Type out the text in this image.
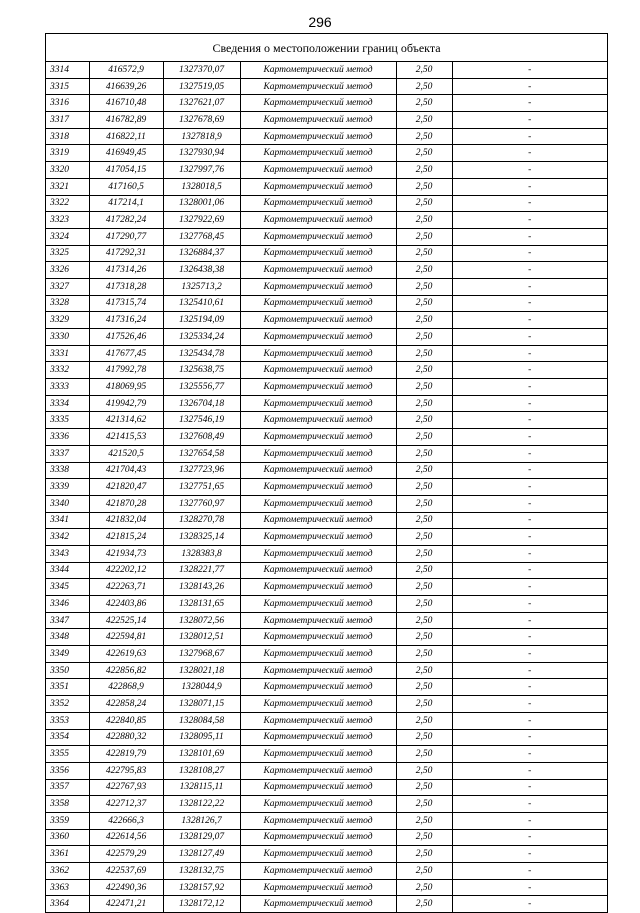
296
Сведения о местоположении границ объекта
3314	416572,9	1327370,07	Картометрический метод	2,50	-
3315	416639,26	1327519,05	Картометрический метод	2,50	-
3316	416710,48	1327621,07	Картометрический метод	2,50	-
3317	416782,89	1327678,69	Картометрический метод	2,50	-
3318	416822,11	1327818,9	Картометрический метод	2,50	-
3319	416949,45	1327930,94	Картометрический метод	2,50	-
3320	417054,15	1327997,76	Картометрический метод	2,50	-
3321	417160,5	1328018,5	Картометрический метод	2,50	-
3322	417214,1	1328001,06	Картометрический метод	2,50	-
3323	417282,24	1327922,69	Картометрический метод	2,50	-
3324	417290,77	1327768,45	Картометрический метод	2,50	-
3325	417292,31	1326884,37	Картометрический метод	2,50	-
3326	417314,26	1326438,38	Картометрический метод	2,50	-
3327	417318,28	1325713,2	Картометрический метод	2,50	-
3328	417315,74	1325410,61	Картометрический метод	2,50	-
3329	417316,24	1325194,09	Картометрический метод	2,50	-
3330	417526,46	1325334,24	Картометрический метод	2,50	-
3331	417677,45	1325434,78	Картометрический метод	2,50	-
3332	417992,78	1325638,75	Картометрический метод	2,50	-
3333	418069,95	1325556,77	Картометрический метод	2,50	-
3334	419942,79	1326704,18	Картометрический метод	2,50	-
3335	421314,62	1327546,19	Картометрический метод	2,50	-
3336	421415,53	1327608,49	Картометрический метод	2,50	-
3337	421520,5	1327654,58	Картометрический метод	2,50	-
3338	421704,43	1327723,96	Картометрический метод	2,50	-
3339	421820,47	1327751,65	Картометрический метод	2,50	-
3340	421870,28	1327760,97	Картометрический метод	2,50	-
3341	421832,04	1328270,78	Картометрический метод	2,50	-
3342	421815,24	1328325,14	Картометрический метод	2,50	-
3343	421934,73	1328383,8	Картометрический метод	2,50	-
3344	422202,12	1328221,77	Картометрический метод	2,50	-
3345	422263,71	1328143,26	Картометрический метод	2,50	-
3346	422403,86	1328131,65	Картометрический метод	2,50	-
3347	422525,14	1328072,56	Картометрический метод	2,50	-
3348	422594,81	1328012,51	Картометрический метод	2,50	-
3349	422619,63	1327968,67	Картометрический метод	2,50	-
3350	422856,82	1328021,18	Картометрический метод	2,50	-
3351	422868,9	1328044,9	Картометрический метод	2,50	-
3352	422858,24	1328071,15	Картометрический метод	2,50	-
3353	422840,85	1328084,58	Картометрический метод	2,50	-
3354	422880,32	1328095,11	Картометрический метод	2,50	-
3355	422819,79	1328101,69	Картометрический метод	2,50	-
3356	422795,83	1328108,27	Картометрический метод	2,50	-
3357	422767,93	1328115,11	Картометрический метод	2,50	-
3358	422712,37	1328122,22	Картометрический метод	2,50	-
3359	422666,3	1328126,7	Картометрический метод	2,50	-
3360	422614,56	1328129,07	Картометрический метод	2,50	-
3361	422579,29	1328127,49	Картометрический метод	2,50	-
3362	422537,69	1328132,75	Картометрический метод	2,50	-
3363	422490,36	1328157,92	Картометрический метод	2,50	-
3364	422471,21	1328172,12	Картометрический метод	2,50	-
